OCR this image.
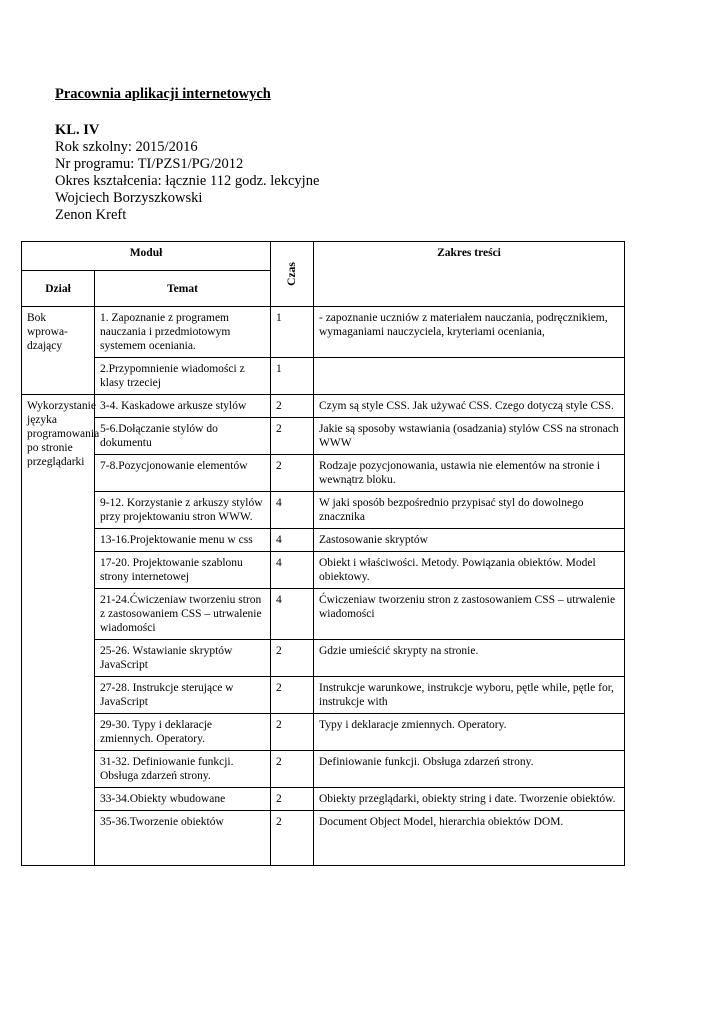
Pracownia aplikacji internetowych
KL. IV
Rok szkolny: 2015/2016
Nr programu: TI/PZS1/PG/2012
Okres kształcenia: łącznie 112 godz. lekcyjne
Wojciech Borzyszkowski
Zenon Kreft
Moduł		Czas	Zakres treści
Dział	Temat		
Bok wprowa-dzający	1. Zapoznanie z programem nauczania i przedmiotowym systemem oceniania.	1	- zapoznanie uczniów z materiałem nauczania, podręcznikiem, wymaganiami nauczyciela, kryteriami oceniania,
	2.Przypomnienie wiadomości z klasy trzeciej	1	
Wykorzystanie języka programowania po stronie przeglądarki	3-4. Kaskadowe arkusze stylów	2	Czym są style CSS. Jak używać CSS. Czego dotyczą style CSS.
	5-6.Dołączanie stylów do dokumentu	2	Jakie są sposoby wstawiania (osadzania) stylów CSS na stronach WWW
	7-8.Pozycjonowanie elementów	2	Rodzaje pozycjonowania, ustawia nie elementów na stronie i wewnątrz bloku.
	9-12. Korzystanie z arkuszy stylów przy projektowaniu stron WWW.	4	W jaki sposób bezpośrednio przypisać styl do dowolnego znacznika
	13-16.Projektowanie menu w css	4	Zastosowanie skryptów
	17-20. Projektowanie szablonu strony internetowej	4	Obiekt i właściwości. Metody. Powiązania obiektów. Model obiektowy.
	21-24.Ćwiczeniaw tworzeniu stron z zastosowaniem CSS – utrwalenie wiadomości	4	Ćwiczeniaw tworzeniu stron z zastosowaniem CSS – utrwalenie wiadomości
	25-26. Wstawianie skryptów JavaScript	2	Gdzie umieścić skrypty na stronie.
	27-28. Instrukcje sterujące w JavaScript	2	Instrukcje warunkowe, instrukcje wyboru, pętle while, pętle for, instrukcje with
	29-30. Typy i deklaracje zmiennych. Operatory.	2	Typy i deklaracje zmiennych. Operatory.
	31-32. Definiowanie funkcji. Obsługa zdarzeń strony.	2	Definiowanie funkcji. Obsługa zdarzeń strony.
	33-34.Obiekty wbudowane	2	Obiekty przeglądarki, obiekty string i date. Tworzenie obiektów.
	35-36.Tworzenie obiektów	2	Document Object Model, hierarchia obiektów DOM.
